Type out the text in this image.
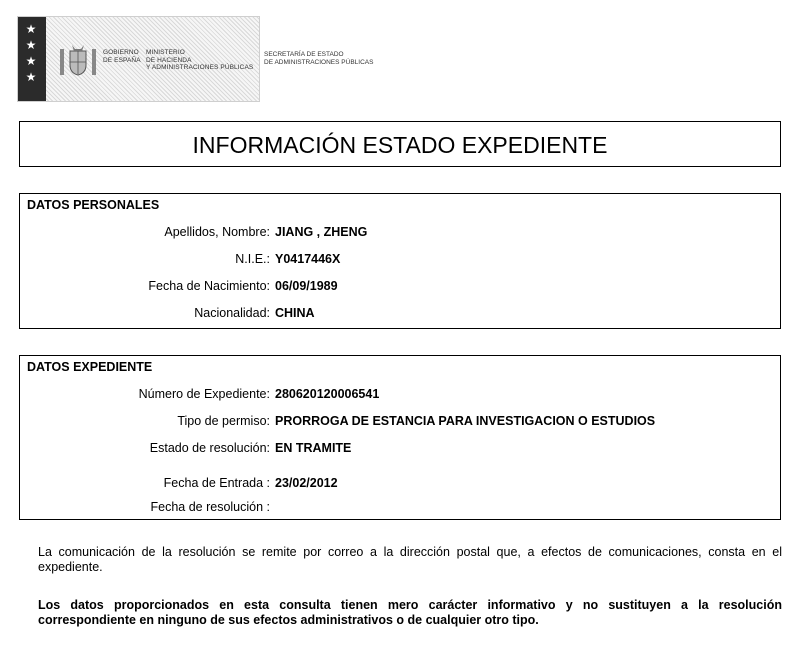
★
★
★
★
GOBIERNO
DE ESPAÑA
MINISTERIO
DE HACIENDA
Y ADMINISTRACIONES PÚBLICAS
SECRETARÍA DE ESTADO
DE ADMINISTRACIONES PÚBLICAS
INFORMACIÓN ESTADO EXPEDIENTE
DATOS PERSONALES
Apellidos, Nombre: JIANG , ZHENG
N.I.E.: Y0417446X
Fecha de Nacimiento: 06/09/1989
Nacionalidad: CHINA
DATOS EXPEDIENTE
Número de Expediente: 280620120006541
Tipo de permiso: PRORROGA DE ESTANCIA PARA INVESTIGACION O ESTUDIOS
Estado de resolución: EN TRAMITE
Fecha de Entrada : 23/02/2012
Fecha de resolución :
La comunicación de la resolución se remite por correo a la dirección postal que, a efectos de comunicaciones, consta en el expediente.
Los datos proporcionados en esta consulta tienen mero carácter informativo y no sustituyen a la resolución correspondiente en ninguno de sus efectos administrativos o de cualquier otro tipo.
